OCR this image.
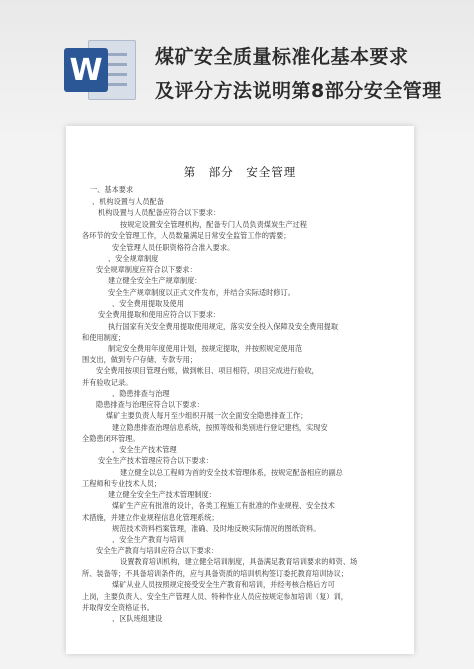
W	煤矿安全质量标准化基本要求
及评分方法说明第8部分安全管理
第　部分　安全管理
一、基本要求
、机构设置与人员配备
机构设置与人员配备应符合以下要求：
按规定设置安全管理机构，配备专门人员负责煤炭生产过程
各环节的安全管理工作，人员数量满足日常安全监管工作的需要；
安全管理人员任职资格符合准入要求。
、安全规章制度
安全规章制度应符合以下要求：
建立健全安全生产规章制度：
安全生产规章制度以正式文件发布，并结合实际适时修订。
、安全费用提取及使用
安全费用提取和使用应符合以下要求：
执行国家有关安全费用提取使用规定，落实安全投入保障及安全费用提取
和使用制度；
制定安全费用年度使用计划，按规定提取，并按照规定使用范
围支出，做到专户存储、专款专用；
安全费用按项目管理台账，做到帐目、项目相符，项目完成进行验收，
并有验收记录。
、隐患排查与治理
隐患排查与治理应符合以下要求：
煤矿主要负责人每月至少组织开展一次全面安全隐患排查工作；
建立隐患排查治理信息系统，按照等级和类别进行登记建档，实现安
全隐患闭环管理。
、安全生产技术管理
安全生产技术管理应符合以下要求：
建立健全以总工程师为首的安全技术管理体系，按规定配备相应的副总
工程师和专业技术人员；
建立健全安全生产技术管理制度：
煤矿生产应有批准的设计，各类工程施工有批准的作业规程、安全技术
术措施，并建立作业规程信息化管理系统；
规范技术资料档案管理，准确、及时地反映实际情况的图纸资料。
、安全生产教育与培训
安全生产教育与培训应符合以下要求：
设置教育培训机构，建立健全培训制度，具备满足教育培训要求的师资、场
所、装备等；不具备培训条件的，应与具备资质的培训机构签订委托教育培训协议；
煤矿从业人员按照规定接受安全生产教育和培训，并经考核合格后方可
上岗，主要负责人、安全生产管理人员、特种作业人员应按规定参加培训（复）训，
并取得安全资格证书。
、区队班组建设
